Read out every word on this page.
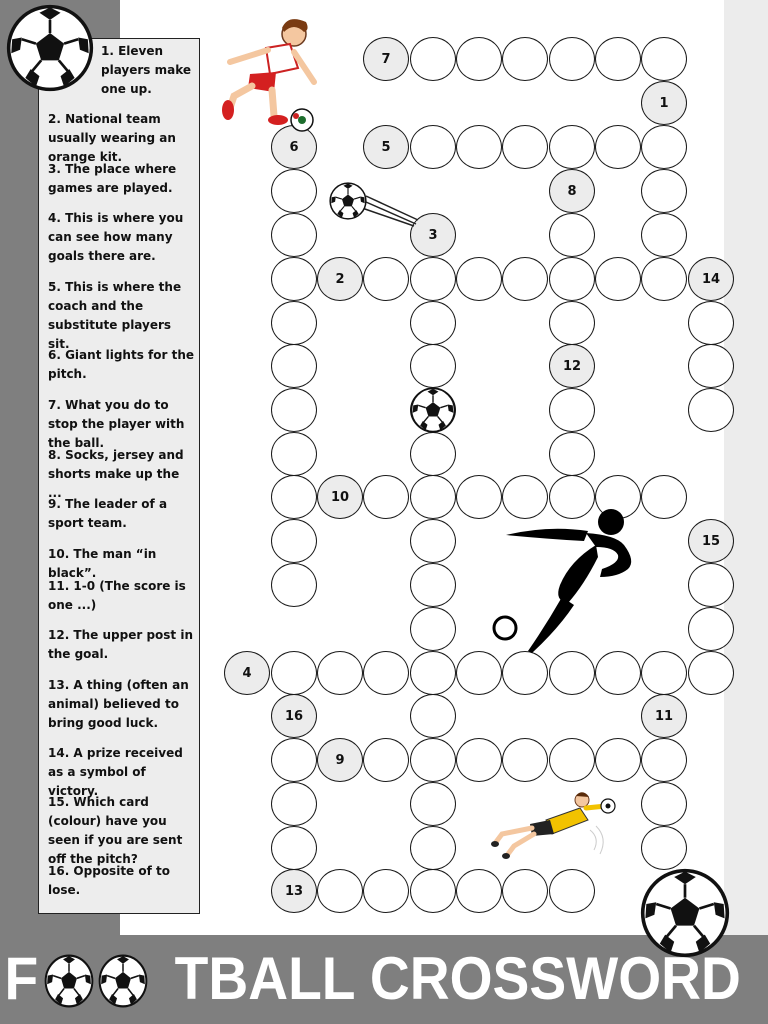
1. Eleven players make one up.

2. National team usually wearing an orange kit.

3. The place where games are played.

4. This is where you can see how many goals there are.

5. This is where the coach and the substitute players sit.

6. Giant lights for the pitch.

7. What you do to stop the player with the ball.

8. Socks, jersey and shorts make up the ...

9. The leader of a sport team.

10. The man “in black”.

11. 1-0 (The score is one ...)

12. The upper post in the goal.

13. A thing (often an animal) believed to bring good luck.

14. A prize received as a symbol of victory.

15. Which card (colour) have you seen if you are sent off the pitch?

16. Opposite of to lose.

7
1
5
6
8
12
3
2	14
10
15
4
16
13
11
9
F TBALL CROSSWORD
